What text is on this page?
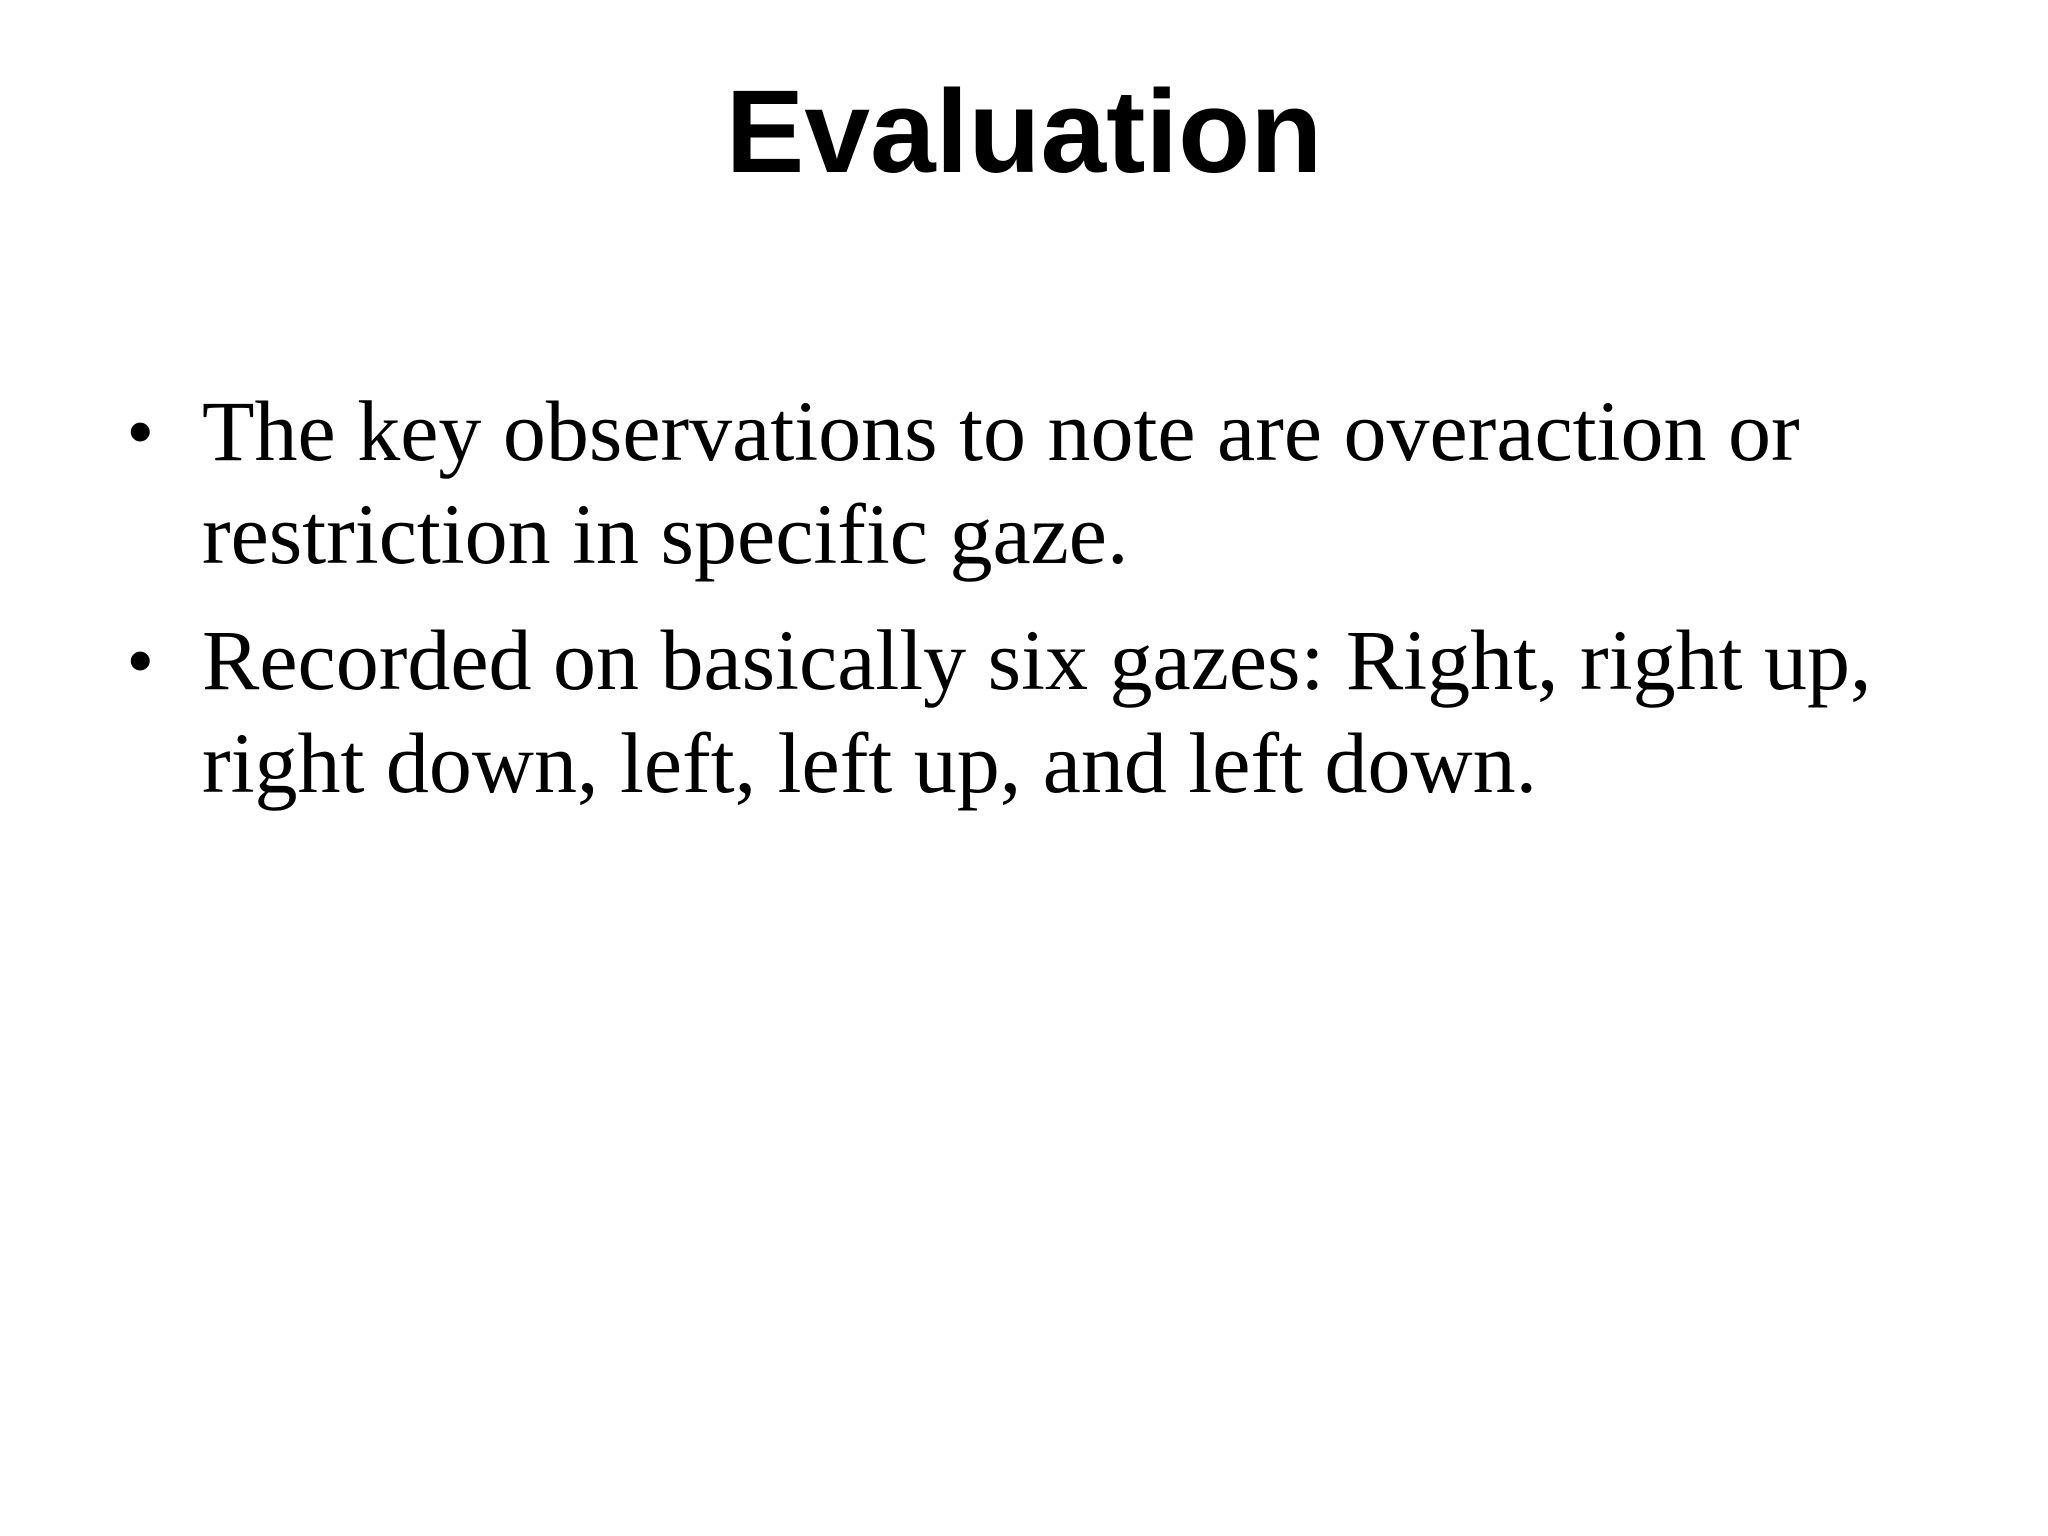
Evaluation
• The key observations to note are overaction or restriction in specific gaze.
• Recorded on basically six gazes: Right, right up, right down, left, left up, and left down.
